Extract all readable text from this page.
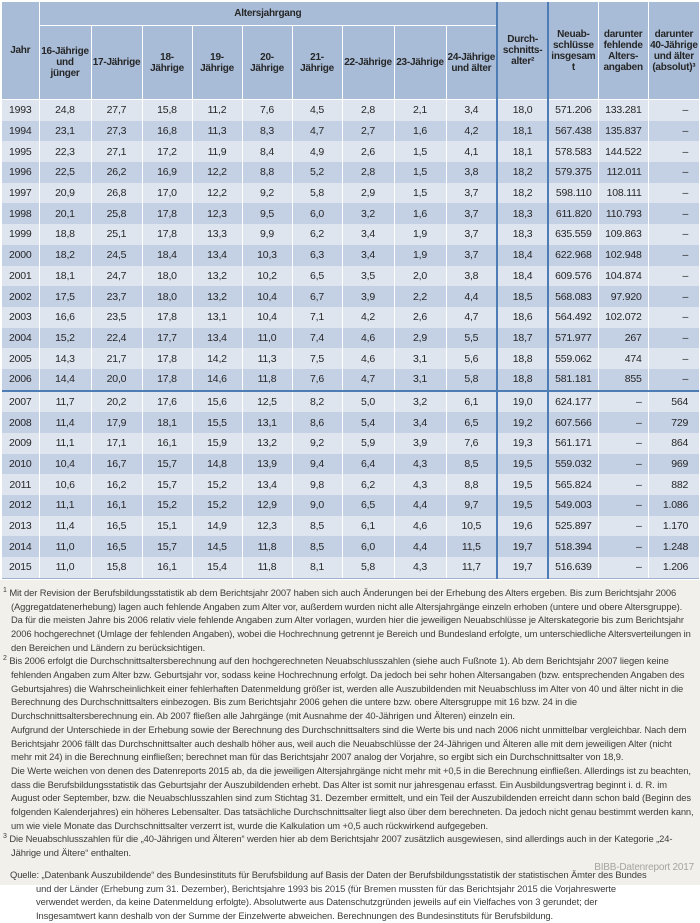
Jahr	Altersjahrgang									Durch-schnitts-alter²	Neuab-schlüsse insgesamt	darunter fehlende Alters-angaben	darunter 40-Jährige und älter (absolut)³
	16-Jährige und jünger	17-Jährige	18-Jährige	19-Jährige	20-Jährige	21-Jährige	22-Jährige	23-Jährige	24-Jährige und älter				
1993	24,8	27,7	15,8	11,2	7,6	4,5	2,8	2,1	3,4	18,0	571.206	133.281	–
1994	23,1	27,3	16,8	11,3	8,3	4,7	2,7	1,6	4,2	18,1	567.438	135.837	–
1995	22,3	27,1	17,2	11,9	8,4	4,9	2,6	1,5	4,1	18,1	578.583	144.522	–
1996	22,5	26,2	16,9	12,2	8,8	5,2	2,8	1,5	3,8	18,2	579.375	112.011	–
1997	20,9	26,8	17,0	12,2	9,2	5,8	2,9	1,5	3,7	18,2	598.110	108.111	–
1998	20,1	25,8	17,8	12,3	9,5	6,0	3,2	1,6	3,7	18,3	611.820	110.793	–
1999	18,8	25,1	17,8	13,3	9,9	6,2	3,4	1,9	3,7	18,3	635.559	109.863	–
2000	18,2	24,5	18,4	13,4	10,3	6,3	3,4	1,9	3,7	18,4	622.968	102.948	–
2001	18,1	24,7	18,0	13,2	10,2	6,5	3,5	2,0	3,8	18,4	609.576	104.874	–
2002	17,5	23,7	18,0	13,2	10,4	6,7	3,9	2,2	4,4	18,5	568.083	97.920	–
2003	16,6	23,5	17,8	13,1	10,4	7,1	4,2	2,6	4,7	18,6	564.492	102.072	–
2004	15,2	22,4	17,7	13,4	11,0	7,4	4,6	2,9	5,5	18,7	571.977	267	–
2005	14,3	21,7	17,8	14,2	11,3	7,5	4,6	3,1	5,6	18,8	559.062	474	–
2006	14,4	20,0	17,8	14,6	11,8	7,6	4,7	3,1	5,8	18,8	581.181	855	–
2007	11,7	20,2	17,6	15,6	12,5	8,2	5,0	3,2	6,1	19,0	624.177	–	564
2008	11,4	17,9	18,1	15,5	13,1	8,6	5,4	3,4	6,5	19,2	607.566	–	729
2009	11,1	17,1	16,1	15,9	13,2	9,2	5,9	3,9	7,6	19,3	561.171	–	864
2010	10,4	16,7	15,7	14,8	13,9	9,4	6,4	4,3	8,5	19,5	559.032	–	969
2011	10,6	16,2	15,7	15,2	13,4	9,8	6,2	4,3	8,8	19,5	565.824	–	882
2012	11,1	16,1	15,2	15,2	12,9	9,0	6,5	4,4	9,7	19,5	549.003	–	1.086
2013	11,4	16,5	15,1	14,9	12,3	8,5	6,1	4,6	10,5	19,6	525.897	–	1.170
2014	11,0	16,5	15,7	14,5	11,8	8,5	6,0	4,4	11,5	19,7	518.394	–	1.248
2015	11,0	15,8	16,1	15,4	11,8	8,1	5,8	4,3	11,7	19,7	516.639	–	1.206

$^1$ Mit der Revision der Berufsbildungsstatistik ab dem Berichtsjahr 2007 haben sich auch Änderungen bei der Erhebung des Alters ergeben. Bis zum Berichtsjahr 2006 (Aggregatdatenerhebung) lagen auch fehlende Angaben zum Alter vor, außerdem wurden nicht alle Altersjahrgänge einzeln erhoben (untere und obere Altersgruppe). Da für die meisten Jahre bis 2006 relativ viele fehlende Angaben zum Alter vorlagen, wurden hier die jeweiligen Neuabschlüsse je Alterskategorie bis zum Berichtsjahr 2006 hochgerechnet (Umlage der fehlenden Angaben), wobei die Hochrechnung getrennt je Bereich und Bundesland erfolgte, um unterschiedliche Altersverteilungen in den Bereichen und Ländern zu berücksichtigen.

$^2$ Bis 2006 erfolgt die Durchschnittsaltersberechnung auf den hochgerechneten Neuabschlusszahlen (siehe auch Fußnote 1). Ab dem Berichtsjahr 2007 liegen keine fehlenden Angaben zum Alter bzw. Geburtsjahr vor, sodass keine Hochrechnung erfolgt. Da jedoch bei sehr hohen Altersangaben (bzw. entsprechenden Angaben des Geburtsjahres) die Wahrscheinlichkeit einer fehlerhaften Datenmeldung größer ist, werden alle Auszubildenden mit Neuabschluss im Alter von 40 und älter nicht in die Berechnung des Durchschnittsalters einbezogen. Bis zum Berichtsjahr 2006 gehen die untere bzw. obere Altersgruppe mit 16 bzw. 24 in die Durchschnittsaltersberechnung ein. Ab 2007 fließen alle Jahrgänge (mit Ausnahme der 40-Jährigen und Älteren) einzeln ein.

Aufgrund der Unterschiede in der Erhebung sowie der Berechnung des Durchschnittsalters sind die Werte bis und nach 2006 nicht unmittelbar vergleichbar. Nach dem Berichtsjahr 2006 fällt das Durchschnittsalter auch deshalb höher aus, weil auch die Neuabschlüsse der 24-Jährigen und Älteren alle mit dem jeweiligen Alter (nicht mehr mit 24) in die Berechnung einfließen; berechnet man für das Berichtsjahr 2007 analog der Vorjahre, so ergibt sich ein Durchschnittsalter von 18,9.

Die Werte weichen von denen des Datenreports 2015 ab, da die jeweiligen Altersjahrgänge nicht mehr mit +0,5 in die Berechnung einfließen. Allerdings ist zu beachten, dass die Berufsbildungsstatistik das Geburtsjahr der Auszubildenden erhebt. Das Alter ist somit nur jahresgenau erfasst. Ein Ausbildungsvertrag beginnt i. d. R. im August oder September, bzw. die Neuabschlusszahlen sind zum Stichtag 31. Dezember ermittelt, und ein Teil der Auszubildenden erreicht dann schon bald (Beginn des folgenden Kalenderjahres) ein höheres Lebensalter. Das tatsächliche Durchschnittsalter liegt also über dem berechneten. Da jedoch nicht genau bestimmt werden kann, um wie viele Monate das Durchschnittsalter verzerrt ist, wurde die Kalkulation um +0,5 auch rückwirkend aufgegeben.

$^3$ Die Neuabschlusszahlen für die „40-Jährigen und Älteren“ werden hier ab dem Berichtsjahr 2007 zusätzlich ausgewiesen, sind allerdings auch in der Kategorie „24-Jährige und Ältere“ enthalten.

Quelle: „Datenbank Auszubildende“ des Bundesinstituts für Berufsbildung auf Basis der Daten der Berufsbildungsstatistik der statistischen Ämter des Bundes und der Länder (Erhebung zum 31. Dezember), Berichtsjahre 1993 bis 2015 (für Bremen mussten für das Berichtsjahr 2015 die Vorjahreswerte verwendet werden, da keine Datenmeldung erfolgte). Absolutwerte aus Datenschutzgründen jeweils auf ein Vielfaches von 3 gerundet; der Insgesamtwert kann deshalb von der Summe der Einzelwerte abweichen. Berechnungen des Bundesinstituts für Berufsbildung.

BIBB-Datenreport 2017
